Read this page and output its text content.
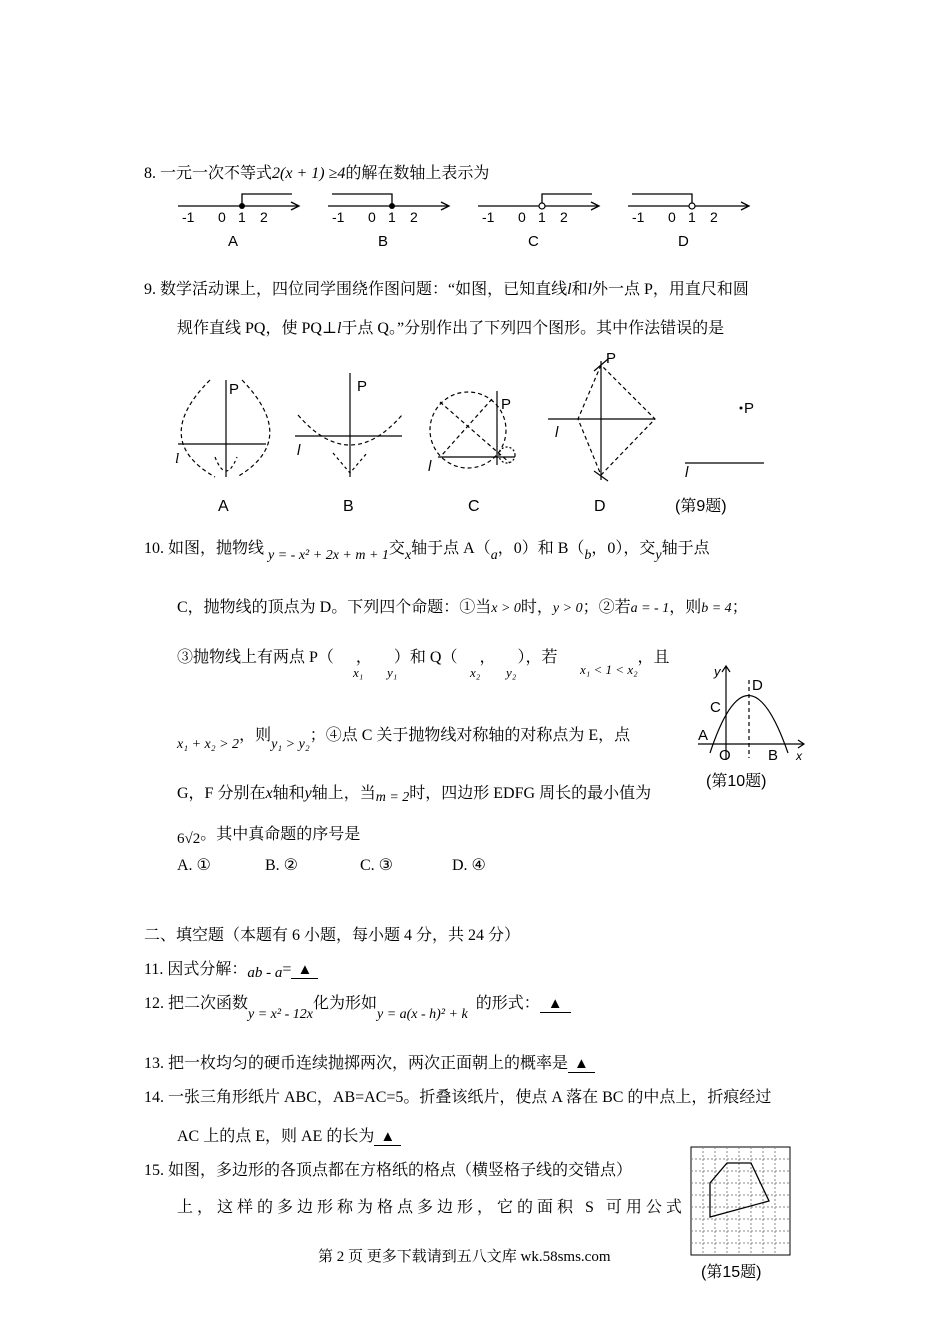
8. 一元一次不等式2(x + 1) ≥4的解在数轴上表示为
-1 0 1 2	-1 0 1 2	-1 0 1 2	-1 0 1 2
A	B	C	D
9. 数学活动课上，四位同学围绕作图问题：“如图，已知直线l和l外一点 P，用直尺和圆
规作直线 PQ，使 PQ⊥l于点 Q。”分别作出了下列四个图形。其中作法错误的是
P
l
P
l
P
l
P
l
P
l
A	B	C	D	(第9题)
10. 如图，抛物线 y = - x² + 2x + m + 1交x轴于点 A（a，0）和 B（b，0），交y轴于点
C，抛物线的顶点为 D。下列四个命题：①当x > 0时，y > 0；②若a = - 1，则b = 4；
③抛物线上有两点 P（ ， ）和 Q（ ， ），若	，且
x₁ y₁	x₂ y₂	x₁ < 1 < x₂
x₁ + x₂ > 2，则y₁ > y₂；④点 C 关于抛物线对称轴的对称点为 E，点
G，F 分别在x轴和y轴上，当m = 2时，四边形 EDFG 周长的最小值为
6√2。其中真命题的序号是
A. ①	B. ②	C. ③	D. ④
y
D
C
A
O B x
(第10题)
二、填空题（本题有 6 小题，每小题 4 分，共 24 分）
11. 因式分解：ab - a= ▲
12. 把二次函数y = x² - 12x化为形如y = a(x - h)² + k的形式： ▲
13. 把一枚均匀的硬币连续抛掷两次，两次正面朝上的概率是 ▲
14. 一张三角形纸片 ABC，AB=AC=5。折叠该纸片，使点 A 落在 BC 的中点上，折痕经过
AC 上的点 E，则 AE 的长为 ▲
15. 如图，多边形的各顶点都在方格纸的格点（横竖格子线的交错点）
上，这样的多边形称为格点多边形，它的面积 S 可用公式
(第15题)
第 2 页 更多下载请到五八文库 wk.58sms.com
